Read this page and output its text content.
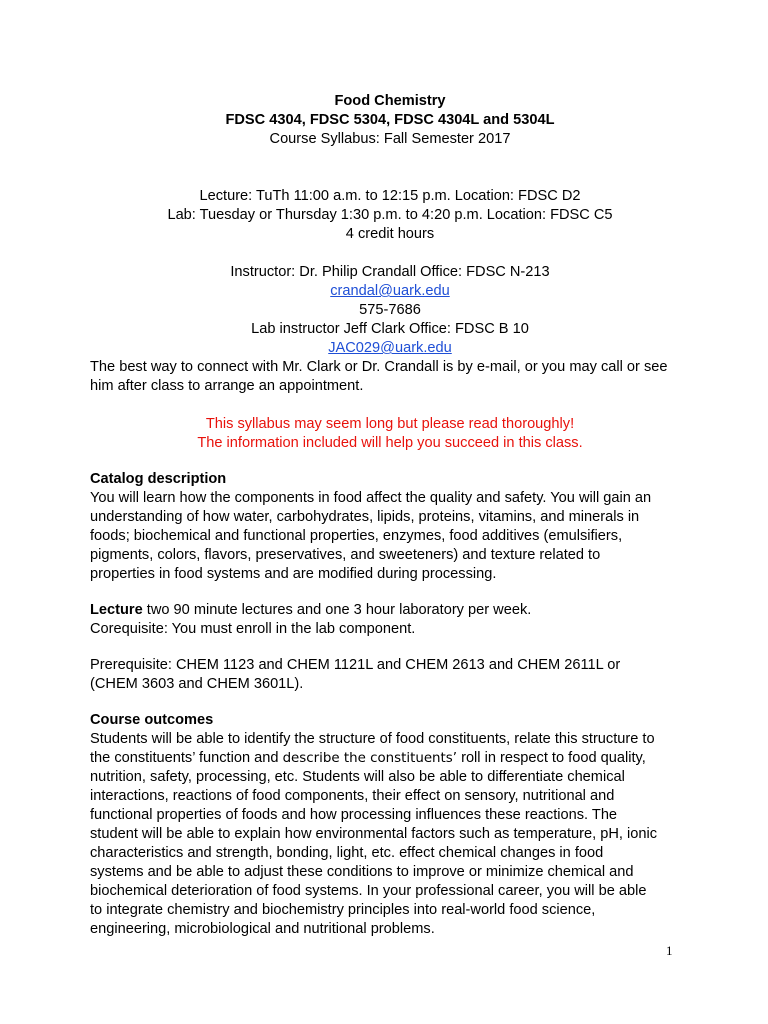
Food Chemistry
FDSC 4304, FDSC 5304, FDSC 4304L and 5304L
Course Syllabus: Fall Semester 2017
Lecture: TuTh 11:00 a.m. to 12:15 p.m. Location: FDSC D2
Lab: Tuesday or Thursday 1:30 p.m. to 4:20 p.m. Location: FDSC C5
4 credit hours
Instructor: Dr. Philip Crandall Office: FDSC N-213
crandal@uark.edu
575-7686
Lab instructor Jeff Clark Office: FDSC B 10
JAC029@uark.edu
The best way to connect with Mr. Clark or Dr. Crandall is by e-mail, or you may call or see
him after class to arrange an appointment.
This syllabus may seem long but please read thoroughly!
The information included will help you succeed in this class.
Catalog description
You will learn how the components in food affect the quality and safety. You will gain an
understanding of how water, carbohydrates, lipids, proteins, vitamins, and minerals in
foods; biochemical and functional properties, enzymes, food additives (emulsifiers,
pigments, colors, flavors, preservatives, and sweeteners) and texture related to
properties in food systems and are modified during processing.
Lecture two 90 minute lectures and one 3 hour laboratory per week.
Corequisite: You must enroll in the lab component.
Prerequisite: CHEM 1123 and CHEM 1121L and CHEM 2613 and CHEM 2611L or
(CHEM 3603 and CHEM 3601L).
Course outcomes
Students will be able to identify the structure of food constituents, relate this structure to
the constituents’ function and describe the constituents’ roll in respect to food quality,
nutrition, safety, processing, etc. Students will also be able to differentiate chemical
interactions, reactions of food components, their effect on sensory, nutritional and
functional properties of foods and how processing influences these reactions. The
student will be able to explain how environmental factors such as temperature, pH, ionic
characteristics and strength, bonding, light, etc. effect chemical changes in food
systems and be able to adjust these conditions to improve or minimize chemical and
biochemical deterioration of food systems. In your professional career, you will be able
to integrate chemistry and biochemistry principles into real-world food science,
engineering, microbiological and nutritional problems.
1
